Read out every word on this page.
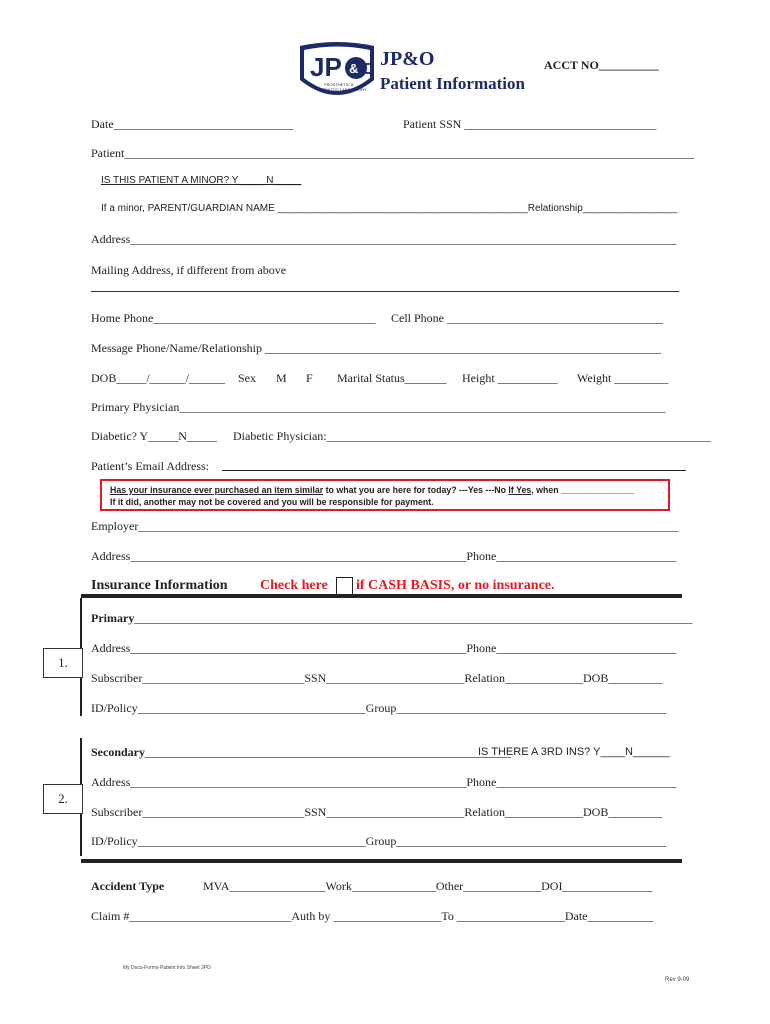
JP & O
PROSTHETIC &
ORTHOTIC LABORATORY
JP&O
Patient Information
ACCT NO__________
Date______________________________	Patient SSN ________________________________
Patient_______________________________________________________________________________________________
IS THIS PATIENT A MINOR? Y_____N_____
If a minor, PARENT/GUARDIAN NAME _____________________________________________Relationship_________________
Address___________________________________________________________________________________________
Mailing Address, if different from above
Home Phone_____________________________________ Cell Phone ____________________________________
Message Phone/Name/Relationship __________________________________________________________________
DOB_____/______/______ Sex M F Marital Status_______ Height __________ Weight _________
Primary Physician_________________________________________________________________________________
Diabetic? Y_____N_____ Diabetic Physician:________________________________________________________________
Patient’s Email Address:
Has your insurance ever purchased an item similar to what you are here for today? ---Yes ---No If Yes, when _______________
If it did, another may not be covered and you will be responsible for payment.
Employer__________________________________________________________________________________________
Address________________________________________________________Phone______________________________
Insurance Information Check here if CASH BASIS, or no insurance.
1.
Primary_____________________________________________________________________________________________
Address________________________________________________________Phone______________________________
Subscriber___________________________SSN_______________________Relation_____________DOB_________
ID/Policy______________________________________Group_____________________________________________
2.
Secondary_____________________________________________________________
IS THERE A 3RD INS? Y____N______
Address________________________________________________________Phone______________________________
Subscriber___________________________SSN_______________________Relation_____________DOB_________
ID/Policy______________________________________Group_____________________________________________
Accident Type	MVA________________Work______________Other_____________DOI_______________
Claim #___________________________Auth by __________________To __________________Date___________
My Docs-Forms-Patient Info Sheet JPO
Rev 9-09
